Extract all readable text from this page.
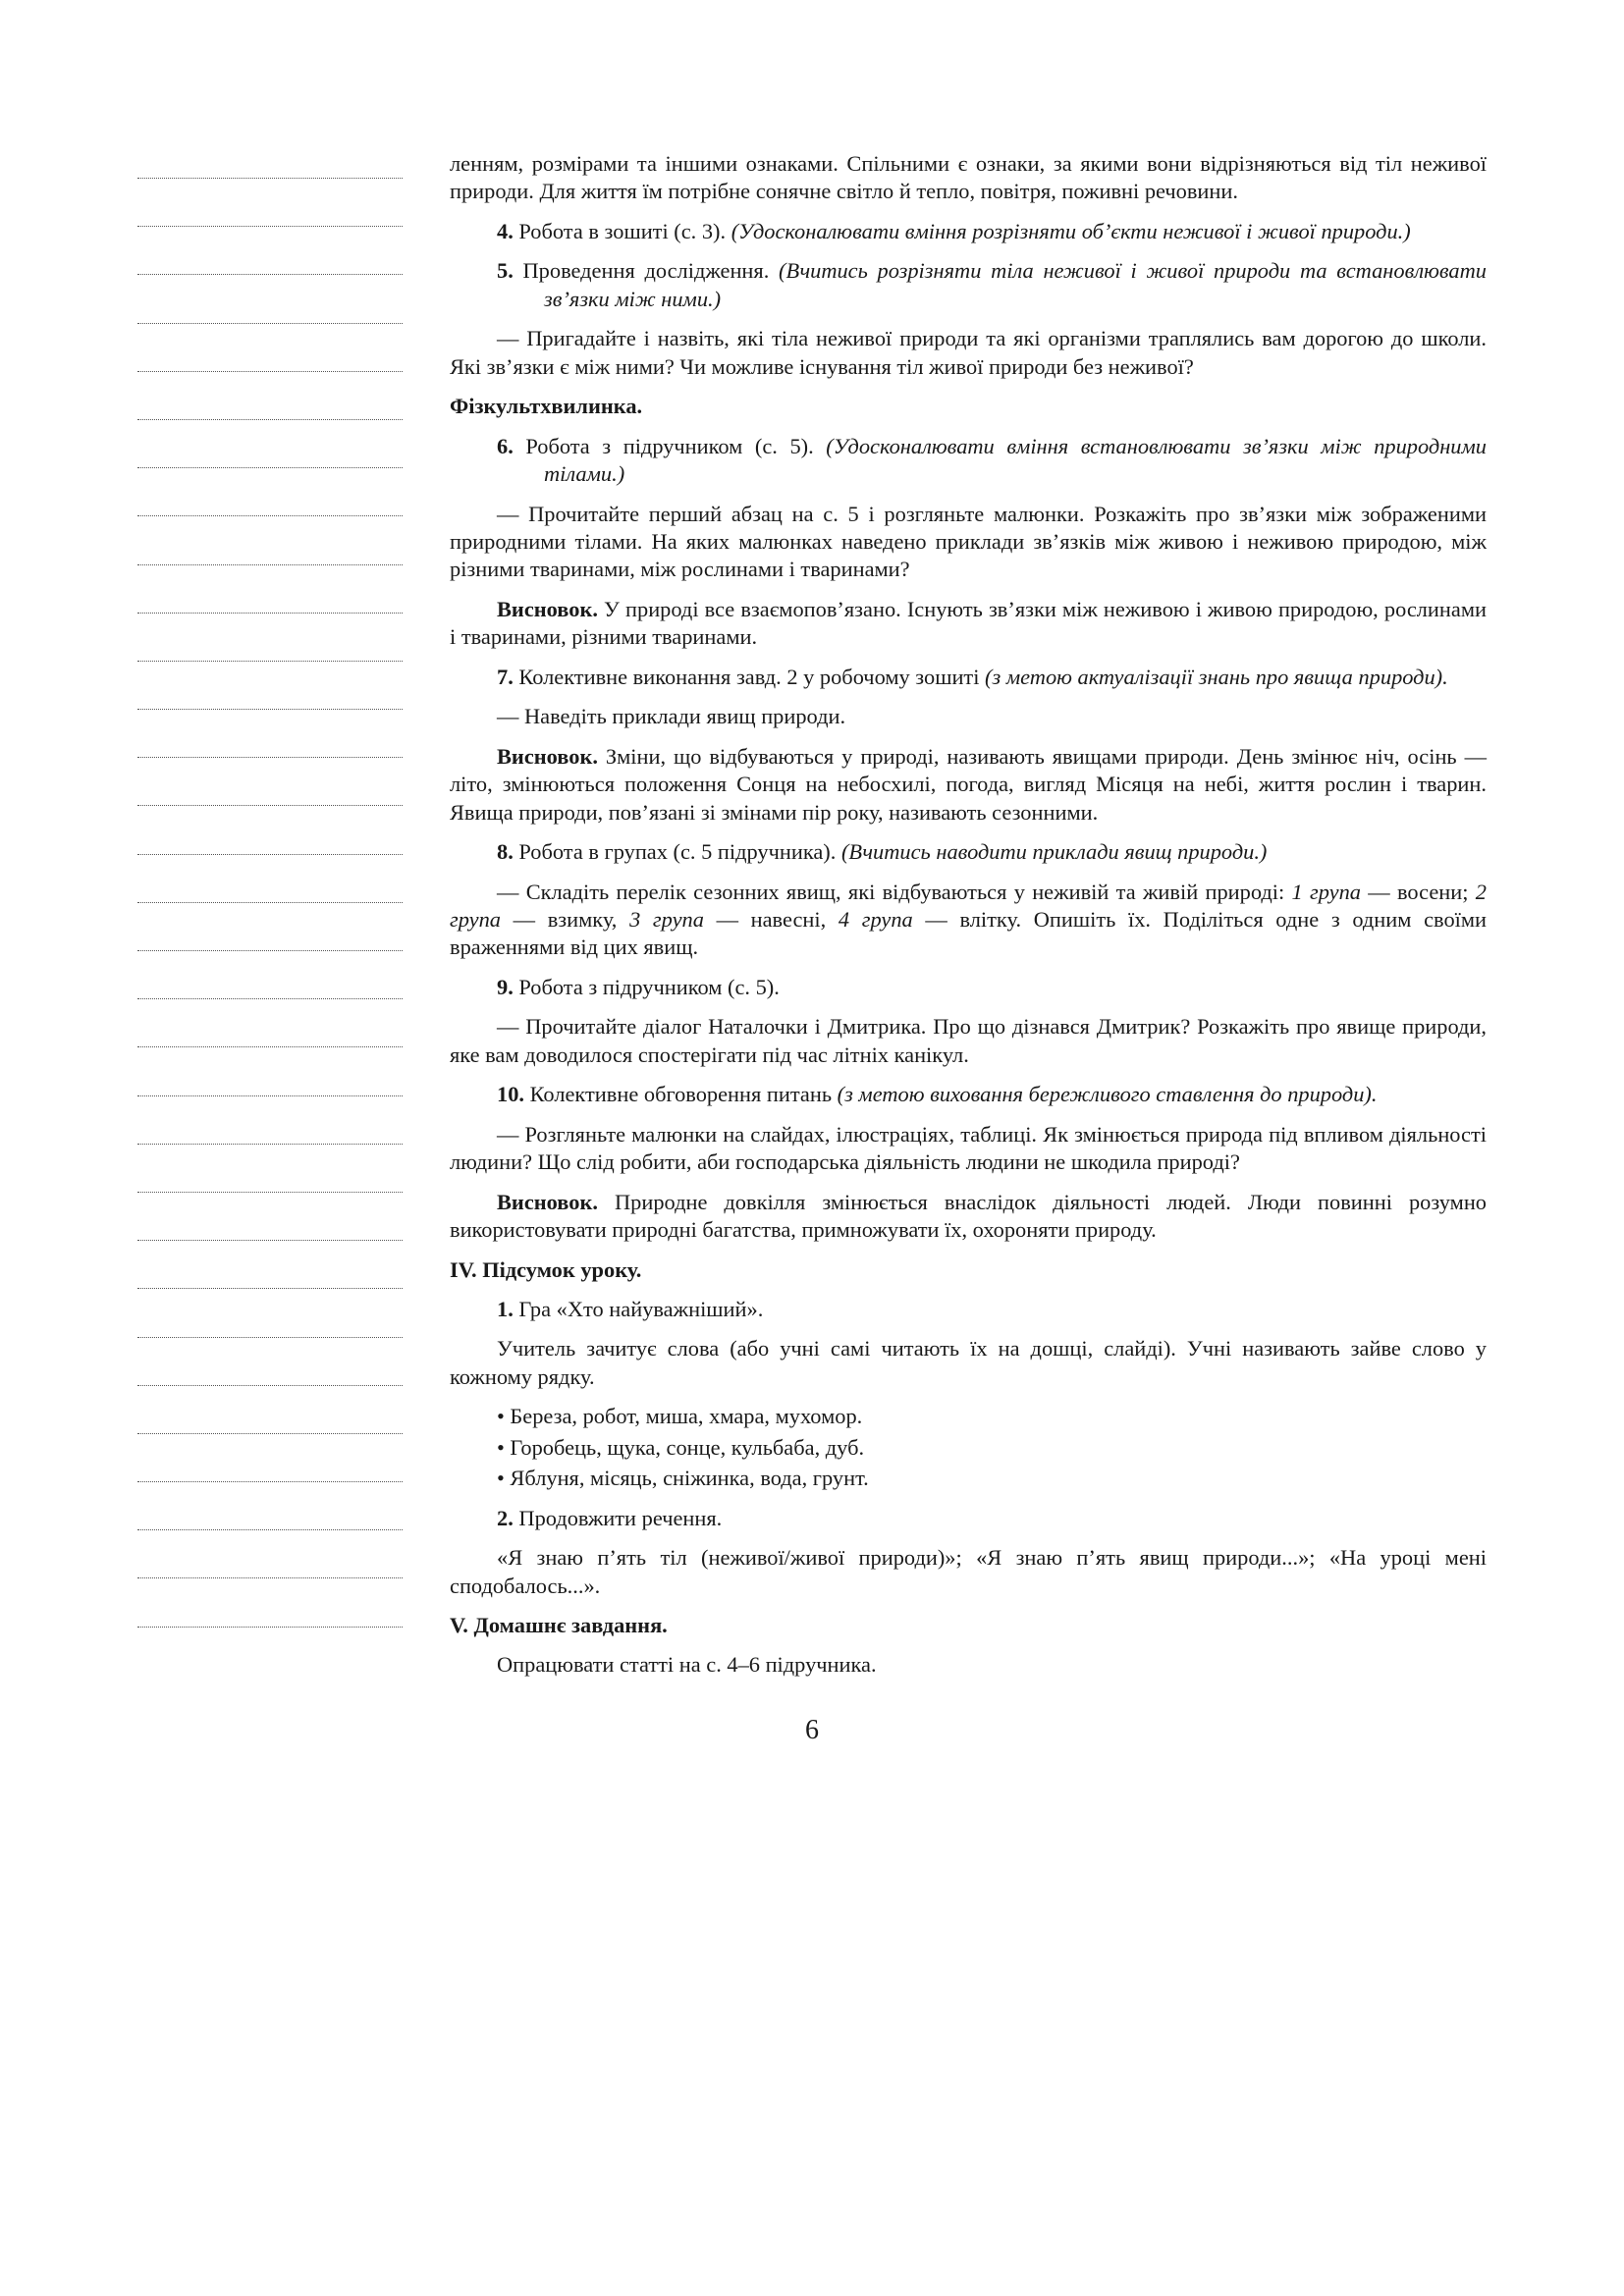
ленням, розмірами та іншими ознаками. Спільними є ознаки, за якими вони відрізняються від тіл неживої природи. Для життя їм потрібне сонячне світло й тепло, повітря, поживні речовини.

4. Робота в зошиті (с. 3). (Удосконалювати вміння розрізняти об’єкти неживої і живої природи.)

5. Проведення дослідження. (Вчитись розрізняти тіла неживої і живої природи та встановлювати зв’язки між ними.)

— Пригадайте і назвіть, які тіла неживої природи та які організми траплялись вам дорогою до школи. Які зв’язки є між ними? Чи можливе існування тіл живої природи без неживої?

Фізкультхвилинка.

6. Робота з підручником (с. 5). (Удосконалювати вміння встановлювати зв’язки між природними тілами.)

— Прочитайте перший абзац на с. 5 і розгляньте малюнки. Розкажіть про зв’язки між зображеними природними тілами. На яких малюнках наведено приклади зв’язків між живою і неживою природою, між різними тваринами, між рослинами і тваринами?

Висновок. У природі все взаємопов’язано. Існують зв’язки між неживою і живою природою, рослинами і тваринами, різними тваринами.

7. Колективне виконання завд. 2 у робочому зошиті (з метою актуалізації знань про явища природи).

— Наведіть приклади явищ природи.

Висновок. Зміни, що відбуваються у природі, називають явищами природи. День змінює ніч, осінь — літо, змінюються положення Сонця на небосхилі, погода, вигляд Місяця на небі, життя рослин і тварин. Явища природи, пов’язані зі змінами пір року, називають сезонними.

8. Робота в групах (с. 5 підручника). (Вчитись наводити приклади явищ природи.)

— Складіть перелік сезонних явищ, які відбуваються у неживій та живій природі: 1 група — восени; 2 група — взимку, 3 група — навесні, 4 група — влітку. Опишіть їх. Поділіться одне з одним своїми враженнями від цих явищ.

9. Робота з підручником (с. 5).

— Прочитайте діалог Наталочки і Дмитрика. Про що дізнався Дмитрик? Розкажіть про явище природи, яке вам доводилося спостерігати під час літніх канікул.

10. Колективне обговорення питань (з метою виховання бережливого ставлення до природи).

— Розгляньте малюнки на слайдах, ілюстраціях, таблиці. Як змінюється природа під впливом діяльності людини? Що слід робити, аби господарська діяльність людини не шкодила природі?

Висновок. Природне довкілля змінюється внаслідок діяльності людей. Люди повинні розумно використовувати природні багатства, примножувати їх, охороняти природу.

IV. Підсумок уроку.

1. Гра «Хто найуважніший».

Учитель зачитує слова (або учні самі читають їх на дошці, слайді). Учні називають зайве слово у кожному рядку.

• Береза, робот, миша, хмара, мухомор.
• Горобець, щука, сонце, кульбаба, дуб.
• Яблуня, місяць, сніжинка, вода, грунт.

2. Продовжити речення.

«Я знаю п’ять тіл (неживої/живої природи)»; «Я знаю п’ять явищ природи...»; «На уроці мені сподобалось...».

V. Домашнє завдання.

Опрацювати статті на с. 4–6 підручника.

6
